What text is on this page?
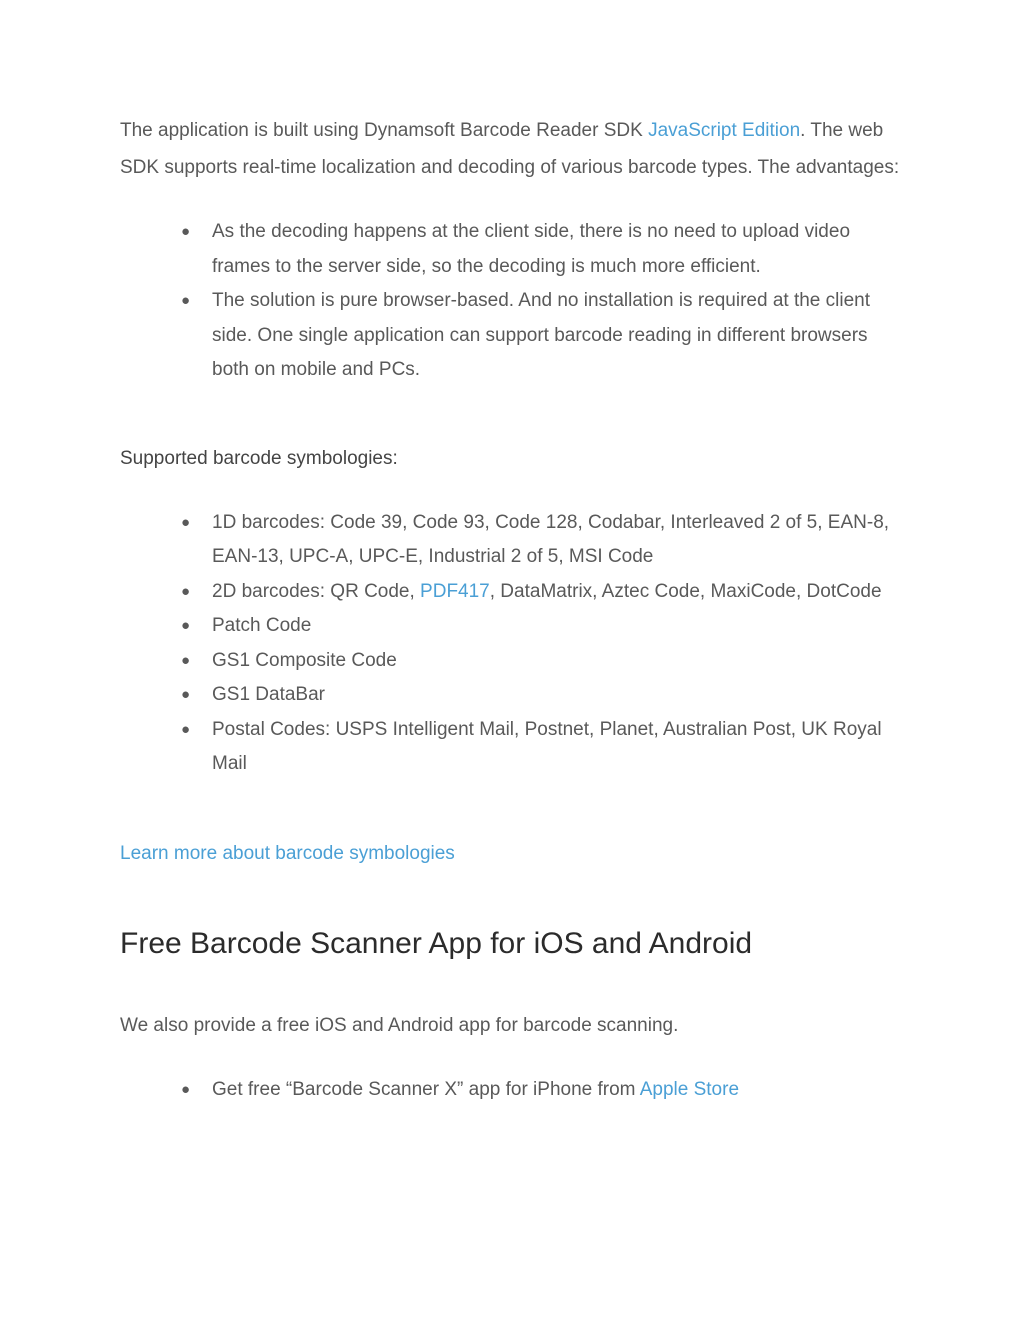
The application is built using Dynamsoft Barcode Reader SDK JavaScript Edition. The web SDK supports real-time localization and decoding of various barcode types. The advantages:

● As the decoding happens at the client side, there is no need to upload video frames to the server side, so the decoding is much more efficient.
● The solution is pure browser-based. And no installation is required at the client side. One single application can support barcode reading in different browsers both on mobile and PCs.

Supported barcode symbologies:

● 1D barcodes: Code 39, Code 93, Code 128, Codabar, Interleaved 2 of 5, EAN-8, EAN-13, UPC-A, UPC-E, Industrial 2 of 5, MSI Code
● 2D barcodes: QR Code, PDF417, DataMatrix, Aztec Code, MaxiCode, DotCode
● Patch Code
● GS1 Composite Code
● GS1 DataBar
● Postal Codes: USPS Intelligent Mail, Postnet, Planet, Australian Post, UK Royal Mail

Learn more about barcode symbologies

Free Barcode Scanner App for iOS and Android

We also provide a free iOS and Android app for barcode scanning.

● Get free “Barcode Scanner X” app for iPhone from Apple Store
